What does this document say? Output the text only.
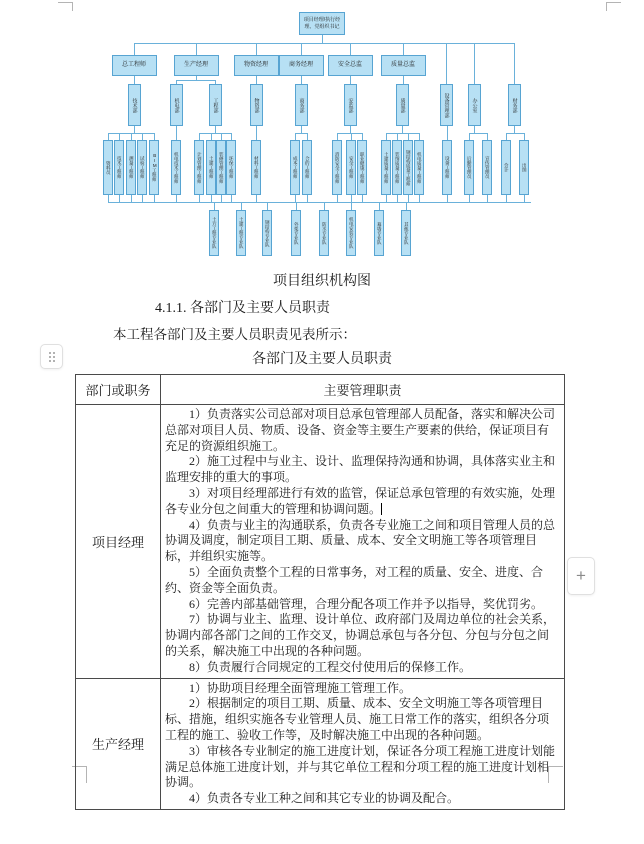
项目经理/执行经理、党组织书记
总工程师	生产经理	物资经理	商务经理	安全总监	质量总监
技术部	机电部	工程部	物资部	商务部	安监部	质量部	设备管理部	办公室	财务部
资料员	技术工程师	测量工程师	试验工程师	BIM工程师	机电技术工程师	计划管理工程师	土建工程师	装修管理工程师	环保工程师	材料工程师	成本工程师	合约工程师	消防安全工程师	安全工程师	职业健康工程师	土建质量工程师	装饰质量工程师	钢结构质量工程师	机电质量工程师	设备工程师	后勤管理员	宣传管理员	会计	出纳
土方工程专业队	土建工程专业队	钢结构专业队	外架专业队	防水专业队	机电安装专业队	幕墙专业队	其他专业队
项目组织机构图
4.1.1. 各部门及主要人员职责
本工程各部门及主要人员职责见表所示：
各部门及主要人员职责
部门或职务	主要管理职责
项目经理	

1）负责落实公司总部对项目总承包管理部人员配备，落实和解决公司总部对项目人员、物质、设备、资金等主要生产要素的供给，保证项目有充足的资源组织施工。

2）施工过程中与业主、设计、监理保持沟通和协调，具体落实业主和监理安排的重大的事项。

3）对项目经理部进行有效的监管，保证总承包管理的有效实施，处理各专业分包之间重大的管理和协调问题。

4）负责与业主的沟通联系，负责各专业施工之间和项目管理人员的总协调及调度，制定项目工期、质量、成本、安全文明施工等各项管理目标，并组织实施等。

5）全面负责整个工程的日常事务，对工程的质量、安全、进度、合约、资金等全面负责。

6）完善内部基础管理，合理分配各项工作并予以指导，奖优罚劣。

7）协调与业主、监理、设计单位、政府部门及周边单位的社会关系，协调内部各部门之间的工作交叉，协调总承包与各分包、分包与分包之间的关系，解决施工中出现的各种问题。

8）负责履行合同规定的工程交付使用后的保修工作。

生产经理	1）协助项目经理全面管理施工管理工作。

2）根据制定的项目工期、质量、成本、安全文明施工等各项管理目标、措施，组织实施各专业管理人员、施工日常工作的落实，组织各分项工程的施工、验收工作等，及时解决施工中出现的各种问题。

3）审核各专业制定的施工进度计划，保证各分项工程施工进度计划能满足总体施工进度计划，并与其它单位工程和分项工程的施工进度计划相协调。

4）负责各专业工种之间和其它专业的协调及配合。

+
